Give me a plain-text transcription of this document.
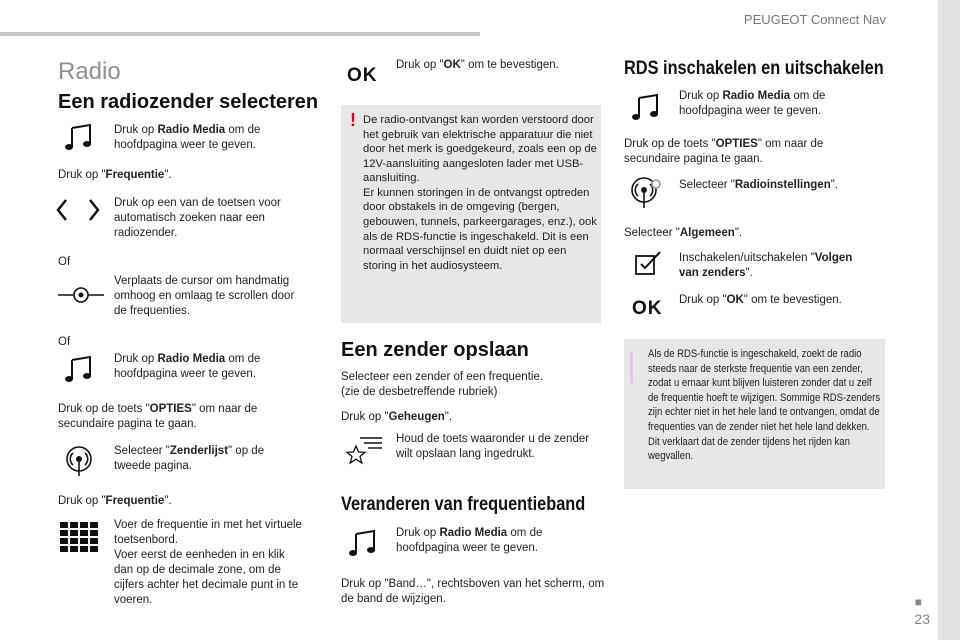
PEUGEOT Connect Nav
■
23
Radio
Een radiozender selecteren
Druk op Radio Media om de hoofdpagina weer te geven.
Druk op "Frequentie".
Druk op een van de toetsen voor automatisch zoeken naar een radiozender.
Of
Verplaats de cursor om handmatig omhoog en omlaag te scrollen door de frequenties.
Of
Druk op Radio Media om de hoofdpagina weer te geven.
Druk op de toets "OPTIES" om naar de secundaire pagina te gaan.
Selecteer "Zenderlijst" op de tweede pagina.
Druk op "Frequentie".
Voer de frequentie in met het virtuele toetsenbord.
Voer eerst de eenheden in en klik dan op de decimale zone, om de cijfers achter het decimale punt in te voeren.
OK Druk op "OK" om te bevestigen.
! De radio-ontvangst kan worden verstoord door het gebruik van elektrische apparatuur die niet door het merk is goedgekeurd, zoals een op de 12V-aansluiting aangesloten lader met USB-aansluiting.
Er kunnen storingen in de ontvangst optreden door obstakels in de omgeving (bergen, gebouwen, tunnels, parkeergarages, enz.), ook als de RDS-functie is ingeschakeld. Dit is een normaal verschijnsel en duidt niet op een storing in het audiosysteem.
Een zender opslaan
Selecteer een zender of een frequentie.
(zie de desbetreffende rubriek)
Druk op "Geheugen".
Houd de toets waaronder u de zender wilt opslaan lang ingedrukt.
Veranderen van frequentieband
Druk op Radio Media om de hoofdpagina weer te geven.
Druk op "Band…", rechtsboven van het scherm, om de band de wijzigen.
RDS inschakelen en uitschakelen
Druk op Radio Media om de hoofdpagina weer te geven.
Druk op de toets "OPTIES" om naar de secundaire pagina te gaan.
Selecteer "Radioinstellingen".
Selecteer "Algemeen".
Inschakelen/uitschakelen "Volgen van zenders".
OK Druk op "OK" om te bevestigen.
Als de RDS-functie is ingeschakeld, zoekt de radio steeds naar de sterkste frequentie van een zender, zodat u ernaar kunt blijven luisteren zonder dat u zelf de frequentie hoeft te wijzigen. Sommige RDS-zenders zijn echter niet in het hele land te ontvangen, omdat de frequenties van de zender niet het hele land dekken. Dit verklaart dat de zender tijdens het rijden kan wegvallen.
